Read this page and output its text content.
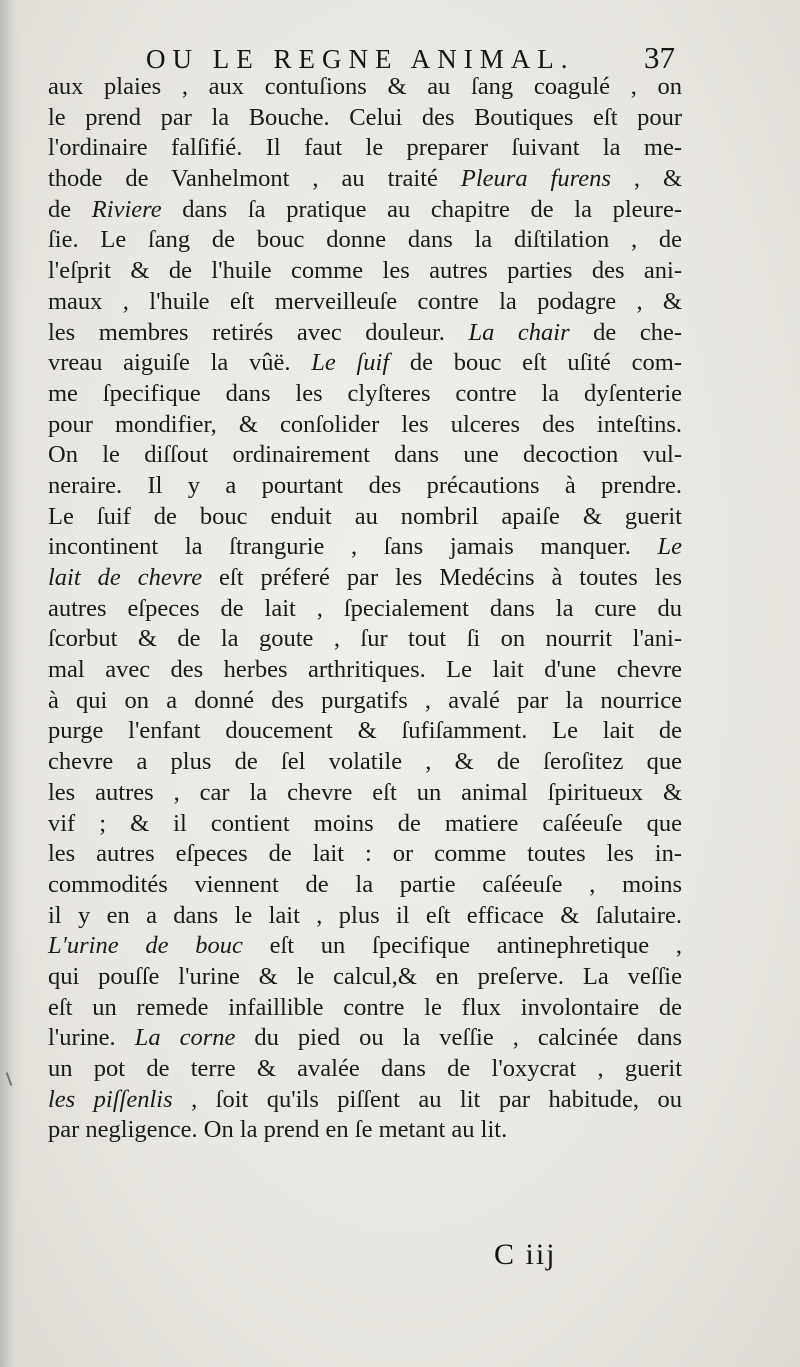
OU LE REGNE ANIMAL.	37
aux plaies , aux contuſions & au ſang coagulé , on
le prend par la Bouche. Celui des Boutiques eſt pour
l'ordinaire falſifié. Il faut le preparer ſuivant la me-
thode de Vanhelmont , au traité Pleura furens , &
de Riviere dans ſa pratique au chapitre de la pleure-
ſie. Le ſang de bouc donne dans la diſtilation , de
l'eſprit & de l'huile comme les autres parties des ani-
maux , l'huile eſt merveilleuſe contre la podagre , &
les membres retirés avec douleur. La chair de che-
vreau aiguiſe la vûë. Le ſuif de bouc eſt uſité com-
me ſpecifique dans les clyſteres contre la dyſenterie
pour mondifier, & conſolider les ulceres des inteſtins.
On le diſſout ordinairement dans une decoction vul-
neraire. Il y a pourtant des précautions à prendre.
Le ſuif de bouc enduit au nombril apaiſe & guerit
incontinent la ſtrangurie , ſans jamais manquer. Le
lait de chevre eſt préferé par les Medécins à toutes les
autres eſpeces de lait , ſpecialement dans la cure du
ſcorbut & de la goute , ſur tout ſi on nourrit l'ani-
mal avec des herbes arthritiques. Le lait d'une chevre
à qui on a donné des purgatifs , avalé par la nourrice
purge l'enfant doucement & ſufiſamment. Le lait de
chevre a plus de ſel volatile , & de ſeroſitez que
les autres , car la chevre eſt un animal ſpiritueux &
vif ; & il contient moins de matiere caſéeuſe que
les autres eſpeces de lait : or comme toutes les in-
commodités viennent de la partie caſéeuſe , moins
il y en a dans le lait , plus il eſt efficace & ſalutaire.
L'urine de bouc eſt un ſpecifique antinephretique ,
qui pouſſe l'urine & le calcul,& en preſerve. La veſſie
eſt un remede infaillible contre le flux involontaire de
l'urine. La corne du pied ou la veſſie , calcinée dans
un pot de terre & avalée dans de l'oxycrat , guerit
les piſſenlis , ſoit qu'ils piſſent au lit par habitude, ou
par negligence. On la prend en ſe metant au lit.
C iij
